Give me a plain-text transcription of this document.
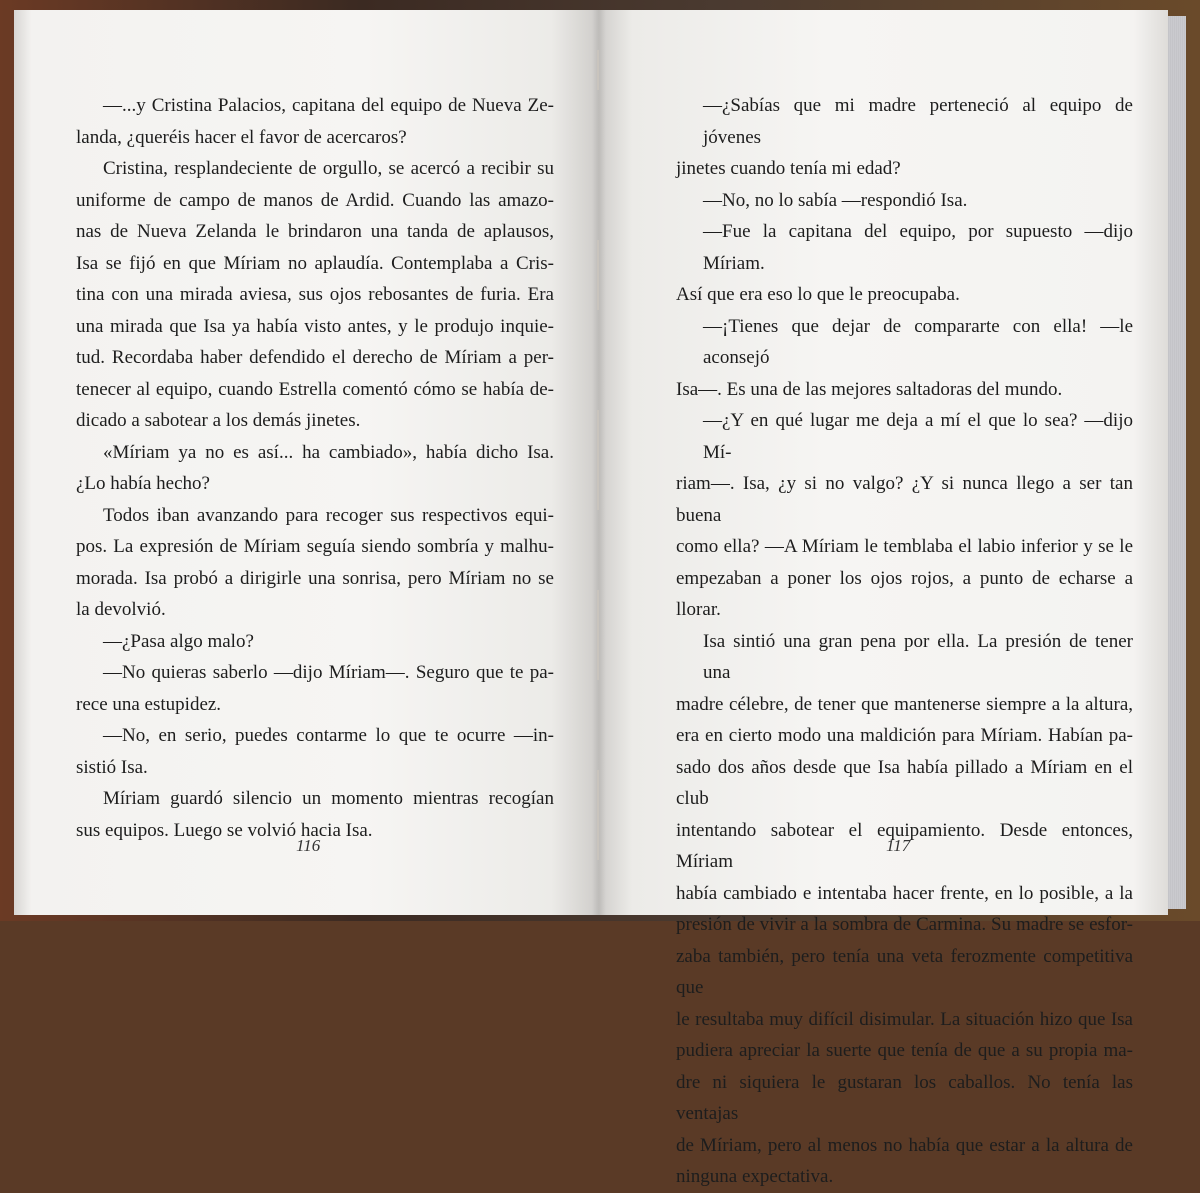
—...y Cristina Palacios, capitana del equipo de Nueva Ze-
landa, ¿queréis hacer el favor de acercaros?
Cristina, resplandeciente de orgullo, se acercó a recibir su
uniforme de campo de manos de Ardid. Cuando las amazo-
nas de Nueva Zelanda le brindaron una tanda de aplausos,
Isa se fijó en que Míriam no aplaudía. Contemplaba a Cris-
tina con una mirada aviesa, sus ojos rebosantes de furia. Era
una mirada que Isa ya había visto antes, y le produjo inquie-
tud. Recordaba haber defendido el derecho de Míriam a per-
tenecer al equipo, cuando Estrella comentó cómo se había de-
dicado a sabotear a los demás jinetes.
«Míriam ya no es así... ha cambiado», había dicho Isa.
¿Lo había hecho?
Todos iban avanzando para recoger sus respectivos equi-
pos. La expresión de Míriam seguía siendo sombría y malhu-
morada. Isa probó a dirigirle una sonrisa, pero Míriam no se
la devolvió.
—¿Pasa algo malo?
—No quieras saberlo —dijo Míriam—. Seguro que te pa-
rece una estupidez.
—No, en serio, puedes contarme lo que te ocurre —in-
sistió Isa.
Míriam guardó silencio un momento mientras recogían
sus equipos. Luego se volvió hacia Isa.
116
—¿Sabías que mi madre perteneció al equipo de jóvenes
jinetes cuando tenía mi edad?
—No, no lo sabía —respondió Isa.
—Fue la capitana del equipo, por supuesto —dijo Míriam.
Así que era eso lo que le preocupaba.
—¡Tienes que dejar de compararte con ella! —le aconsejó
Isa—. Es una de las mejores saltadoras del mundo.
—¿Y en qué lugar me deja a mí el que lo sea? —dijo Mí-
riam—. Isa, ¿y si no valgo? ¿Y si nunca llego a ser tan buena
como ella? —A Míriam le temblaba el labio inferior y se le
empezaban a poner los ojos rojos, a punto de echarse a llorar.
Isa sintió una gran pena por ella. La presión de tener una
madre célebre, de tener que mantenerse siempre a la altura,
era en cierto modo una maldición para Míriam. Habían pa-
sado dos años desde que Isa había pillado a Míriam en el club
intentando sabotear el equipamiento. Desde entonces, Míriam
había cambiado e intentaba hacer frente, en lo posible, a la
presión de vivir a la sombra de Carmina. Su madre se esfor-
zaba también, pero tenía una veta ferozmente competitiva que
le resultaba muy difícil disimular. La situación hizo que Isa
pudiera apreciar la suerte que tenía de que a su propia ma-
dre ni siquiera le gustaran los caballos. No tenía las ventajas
de Míriam, pero al menos no había que estar a la altura de
ninguna expectativa.
117
